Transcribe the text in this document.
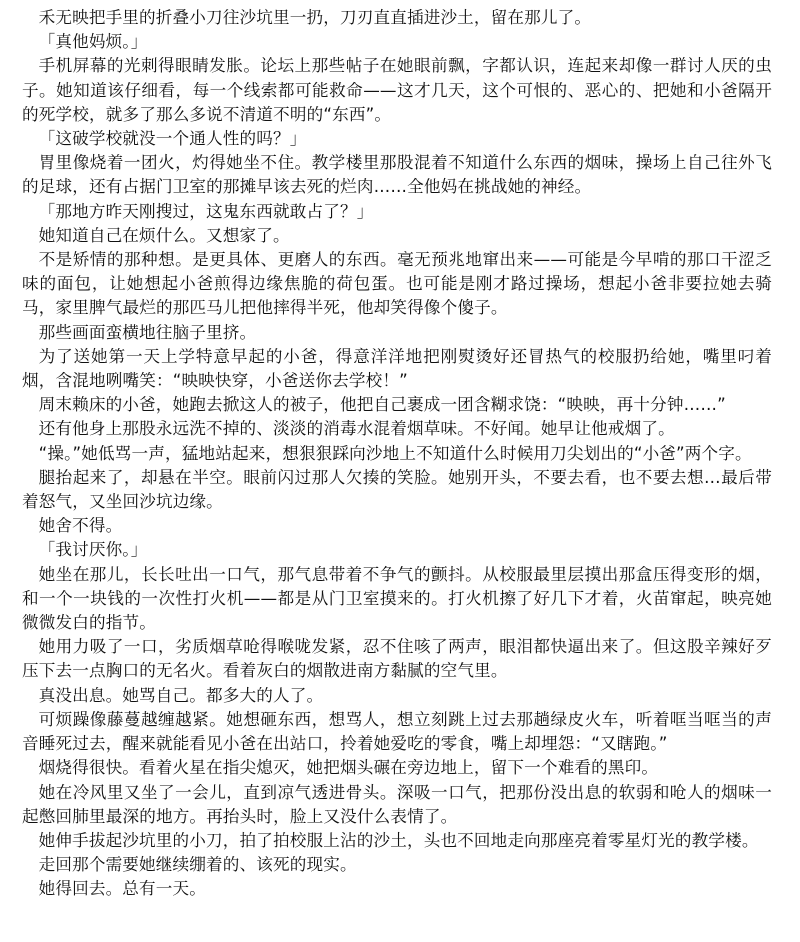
禾无映把手里的折叠小刀往沙坑里一扔，刀刃直直插进沙土，留在那儿了。

「真他妈烦。」

手机屏幕的光刺得眼睛发胀。论坛上那些帖子在她眼前飘，字都认识，连起来却像一群讨人厌的虫子。她知道该仔细看，每一个线索都可能救命——这才几天，这个可恨的、恶心的、把她和小爸隔开的死学校，就多了那么多说不清道不明的“东西”。

「这破学校就没一个通人性的吗？」

胃里像烧着一团火，灼得她坐不住。教学楼里那股混着不知道什么东西的烟味，操场上自己往外飞的足球，还有占据门卫室的那摊早该去死的烂肉……全他妈在挑战她的神经。

「那地方昨天刚搜过，这鬼东西就敢占了？」

她知道自己在烦什么。又想家了。

不是矫情的那种想。是更具体、更磨人的东西。毫无预兆地窜出来——可能是今早啃的那口干涩乏味的面包，让她想起小爸煎得边缘焦脆的荷包蛋。也可能是刚才路过操场，想起小爸非要拉她去骑马，家里脾气最烂的那匹马儿把他摔得半死，他却笑得像个傻子。

那些画面蛮横地往脑子里挤。

为了送她第一天上学特意早起的小爸，得意洋洋地把刚熨烫好还冒热气的校服扔给她，嘴里叼着烟，含混地咧嘴笑：“映映快穿，小爸送你去学校！”

周末赖床的小爸，她跑去掀这人的被子，他把自己裹成一团含糊求饶：“映映，再十分钟……”

还有他身上那股永远洗不掉的、淡淡的消毒水混着烟草味。不好闻。她早让他戒烟了。

“操。”她低骂一声，猛地站起来，想狠狠踩向沙地上不知道什么时候用刀尖划出的“小爸”两个字。

腿抬起来了，却悬在半空。眼前闪过那人欠揍的笑脸。她别开头，不要去看，也不要去想…最后带着怒气，又坐回沙坑边缘。

她舍不得。

「我讨厌你。」

她坐在那儿，长长吐出一口气，那气息带着不争气的颤抖。从校服最里层摸出那盒压得变形的烟，和一个一块钱的一次性打火机——都是从门卫室摸来的。打火机擦了好几下才着，火苗窜起，映亮她微微发白的指节。

她用力吸了一口，劣质烟草呛得喉咙发紧，忍不住咳了两声，眼泪都快逼出来了。但这股辛辣好歹压下去一点胸口的无名火。看着灰白的烟散进南方黏腻的空气里。

真没出息。她骂自己。都多大的人了。

可烦躁像藤蔓越缠越紧。她想砸东西，想骂人，想立刻跳上过去那趟绿皮火车，听着哐当哐当的声音睡死过去，醒来就能看见小爸在出站口，拎着她爱吃的零食，嘴上却埋怨：“又瞎跑。”

烟烧得很快。看着火星在指尖熄灭，她把烟头碾在旁边地上，留下一个难看的黑印。

她在冷风里又坐了一会儿，直到凉气透进骨头。深吸一口气，把那份没出息的软弱和呛人的烟味一起憋回肺里最深的地方。再抬头时，脸上又没什么表情了。

她伸手拔起沙坑里的小刀，拍了拍校服上沾的沙土，头也不回地走向那座亮着零星灯光的教学楼。

走回那个需要她继续绷着的、该死的现实。

她得回去。总有一天。
